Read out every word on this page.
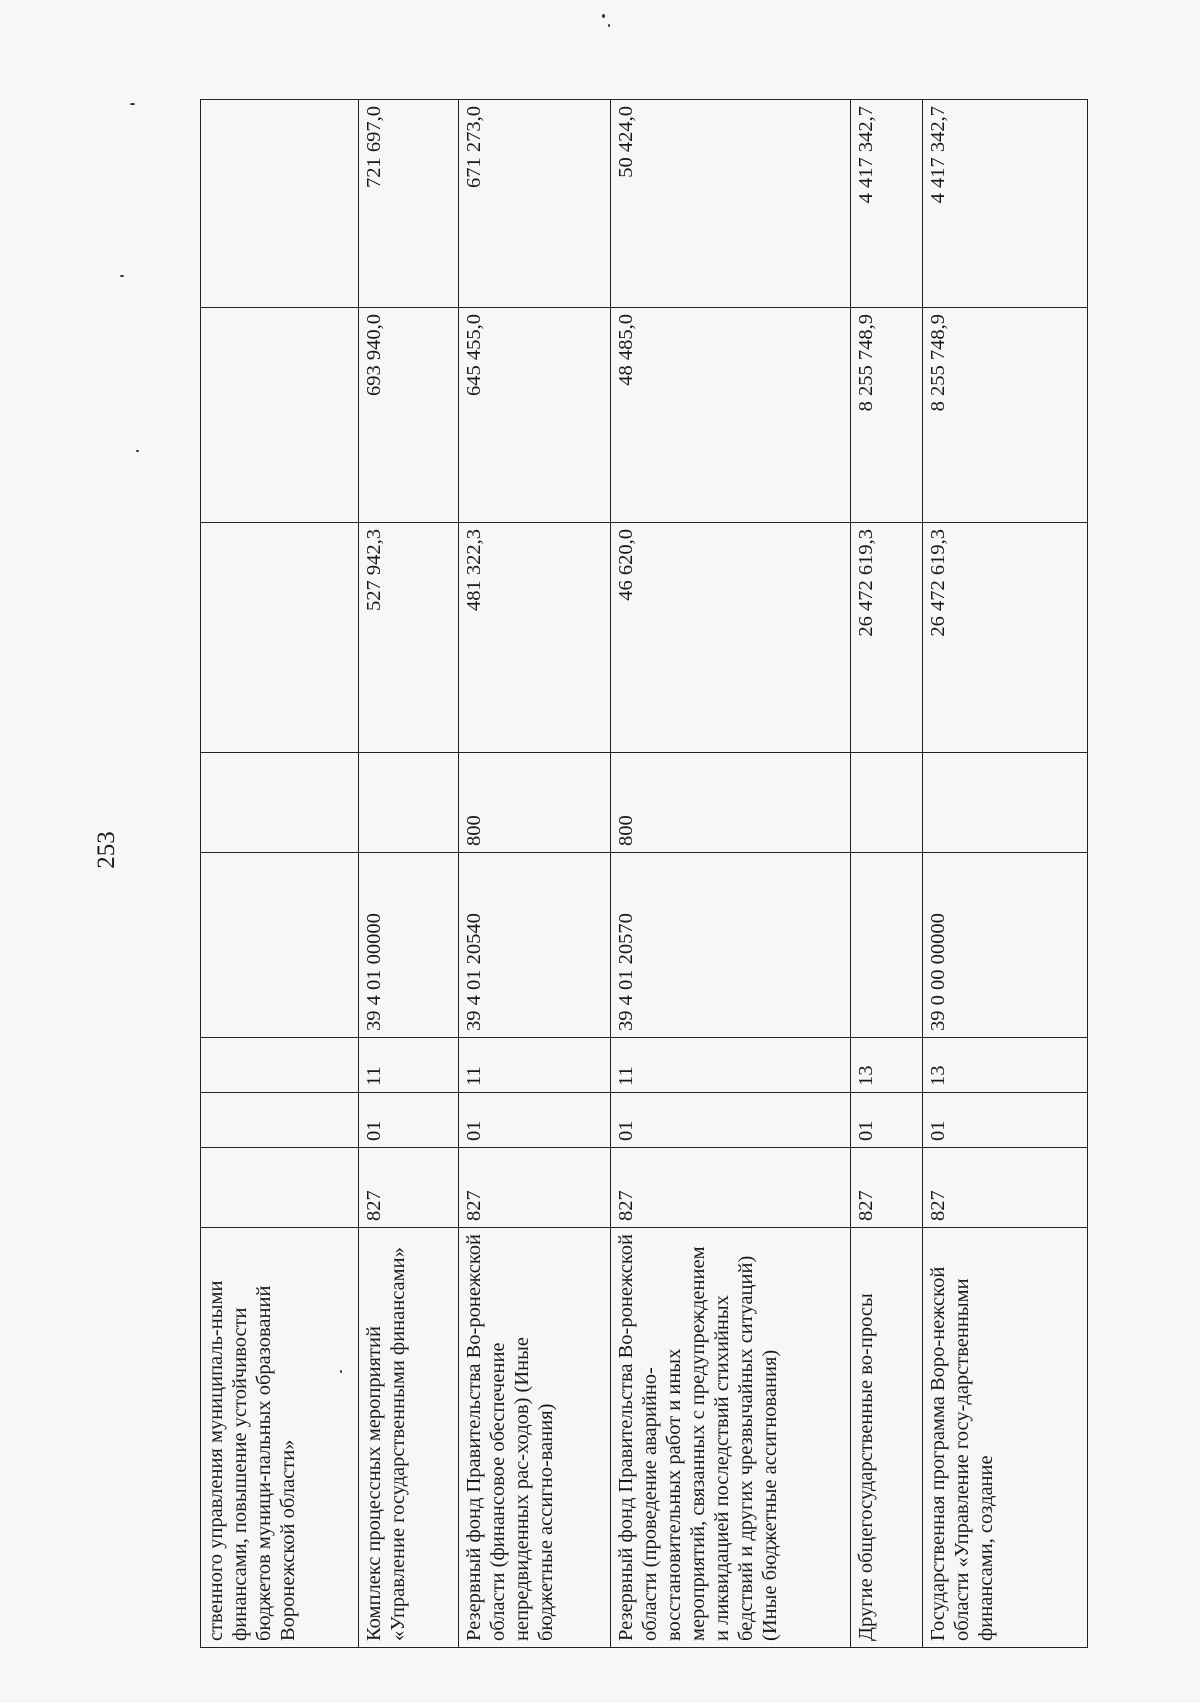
253
ственного управления муниципаль-ными финансами, повышение устойчивости бюджетов муници-пальных образований Воронежской области»								
Комплекс процессных мероприятий «Управление государственными финансами»	827	01	11	39 4 01 00000		527 942,3	693 940,0	721 697,0
Резервный фонд Правительства Во-ронежской области (финансовое обеспечение непредвиденных рас-ходов) (Иные бюджетные ассигно-вания)	827	01	11	39 4 01 20540	800	481 322,3	645 455,0	671 273,0
Резервный фонд Правительства Во-ронежской области (проведение аварийно-восстановительных работ и иных мероприятий, связанных с предупреждением и ликвидацией последствий стихийных бедствий и других чрезвычайных ситуаций) (Иные бюджетные ассигнования)	827	01	11	39 4 01 20570	800	46 620,0	48 485,0	50 424,0
Другие общегосударственные во-просы	827	01	13			26 472 619,3	8 255 748,9	4 417 342,7
Государственная программа Воро-нежской области «Управление госу-дарственными финансами, создание	827	01	13	39 0 00 00000		26 472 619,3	8 255 748,9	4 417 342,7
